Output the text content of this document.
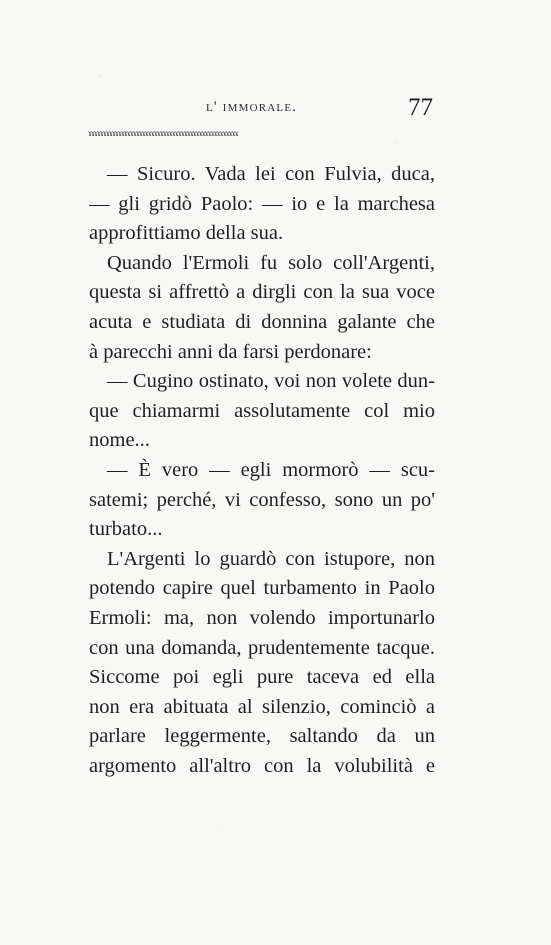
l' immorale.	77
ɤɤɤɤɤɤɤɤɤɤɤɤɤɤɤɤɤɤɤɤɤɤɤɤɤɤɤɤɤɤɤɤɤɤɤɤɤɤɤɤɤɤɤɤɤɤɤɤɤɤ
— Sicuro. Vada lei con Fulvia, duca,
— gli gridò Paolo: — io e la marchesa
approfittiamo della sua.
Quando l'Ermoli fu solo coll'Argenti,
questa si affrettò a dirgli con la sua voce
acuta e studiata di donnina galante che
à parecchi anni da farsi perdonare:
— Cugino ostinato, voi non volete dun-
que chiamarmi assolutamente col mio
nome...
— È vero — egli mormorò — scu-
satemi; perché, vi confesso, sono un po'
turbato...
L'Argenti lo guardò con istupore, non
potendo capire quel turbamento in Paolo
Ermoli: ma, non volendo importunarlo
con una domanda, prudentemente tacque.
Siccome poi egli pure taceva ed ella
non era abituata al silenzio, cominciò a
parlare leggermente, saltando da un
argomento all'altro con la volubilità e
